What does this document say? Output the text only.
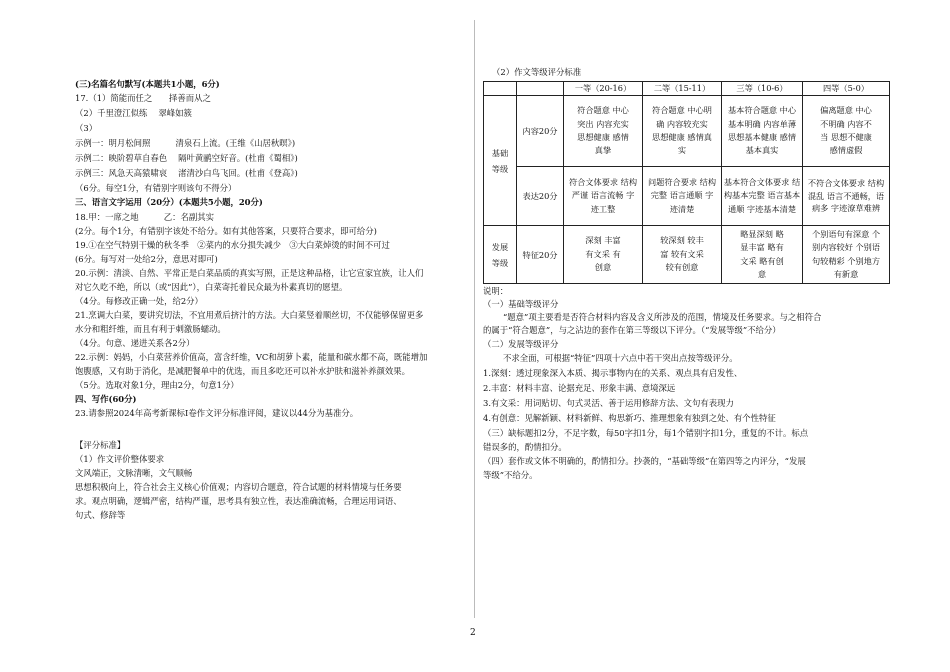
(三)名篇名句默写(本题共1小题，6分)
17.（1）简能而任之　　择善而从之
（2）千里澄江似练　 翠峰如簇
（3）
示例一：明月松间照　　　清泉石上流。(王维《山居秋暝》)
示例二：映阶碧草自春色　 隔叶黄鹂空好音。(杜甫《蜀相》)
示例三：风急天高猿啸哀　 渚清沙白鸟飞回。(杜甫《登高》)
（6分。每空1分，有错别字则该句不得分）
三、语言文字运用（20分）(本题共5小题，20分)
18.甲：一席之地　　　乙：名副其实
(2分。每个1分，有错别字该处不给分。如有其他答案，只要符合要求，即可给分)
19.①在空气特别干燥的秋冬季　②菜内的水分损失减少　③大白菜焯烫的时间不可过
(6分。每写对一处给2分，意思对即可)
20.示例：清淡、自然、平常正是白菜品质的真实写照，正是这种品格，让它宣家宜族，让人们
对它久吃不绝，所以（或“因此”），白菜寄托着民众最为朴素真切的愿望。
（4分。每修改正确一处，给2分）
21.烹调大白菜，要讲究切法，不宜用煮后挤汁的方法。大白菜竖着顺丝切，不仅能够保留更多
水分和粗纤维，而且有利于刺激肠蠕动。
（4分。句意、递进关系各2分）
22.示例：妈妈，小白菜营养价值高，富含纤维，VC和胡萝卜素，能量和碳水都不高，既能增加
饱腹感，又有助于消化，是减肥餐单中的优选，而且多吃还可以补水护肤和滋补养颜效果。
（5分。选取对象1分，理由2分，句意1分）
四、写作(60分)
23.请参照2024年高考新课标Ⅰ卷作文评分标准评阅，建议以44分为基准分。
【评分标准】
（1）作文评价整体要求
文风端正，文脉清晰，文气顺畅
思想积极向上，符合社会主义核心价值观；内容切合题意，符合试题的材料情境与任务要
求。观点明确，逻辑严密，结构严谨，思考具有独立性，表达准确流畅，合理运用词语、
句式、修辞等
（2）作文等级评分标准
		一等（20-16）	二等（15-11）	三等（10-6）	四等（5-0）

基础等级	内容20分	符合题意 中心突出 内容充实 思想健康 感情真挚	符合题意 中心明确 内容较充实 思想健康 感情真实	基本符合题意 中心基本明确 内容单薄 思想基本健康 感情基本真实	偏离题意 中心不明确 内容不当 思想不健康 感情虚假

	表达20分	符合文体要求 结构严谨 语言流畅 字迹工整	问题符合要求 结构完整 语言通顺 字迹清楚	基本符合文体要求 结构基本完整 语言基本通顺 字迹基本清楚	不符合文体要求 结构混乱 语言不通畅，语病多 字迹潦草难辨

发展等级	特征20分	深刻 丰富 有文采 有创意	较深刻 较丰富 较有文采 较有创意	略显深刻 略显丰富 略有文采 略有创意	个别语句有深意 个别内容较好 个别语句较精彩 个别地方有新意
说明：
（一）基础等级评分
“题意”项主要看是否符合材料内容及含义所涉及的范围，情境及任务要求。与之相符合
的属于“符合题意”，与之沾边的套作在第三等级以下评分。（“发展等级”不给分）
（二）发展等级评分
不求全面，可根据“特征”四项十六点中若干突出点按等级评分。
1.深刻：透过现象深入本质、揭示事物内在的关系、观点具有启发性、
2.丰富：材料丰富、论据充足、形象丰满、意境深远
3.有文采：用词贴切、句式灵活、善于运用修辞方法、文句有表现力
4.有创意：见解新颖、材料新鲜、构思新巧、推理想象有独到之处、有个性特征
（三）缺标题扣2分，不足字数，每50字扣1分，每1个错别字扣1分，重复的不计。标点
错误多的，酌情扣分。
（四）套作或文体不明确的，酌情扣分。抄袭的，“基础等级”在第四等之内评分，“发展
等级”不给分。
2
